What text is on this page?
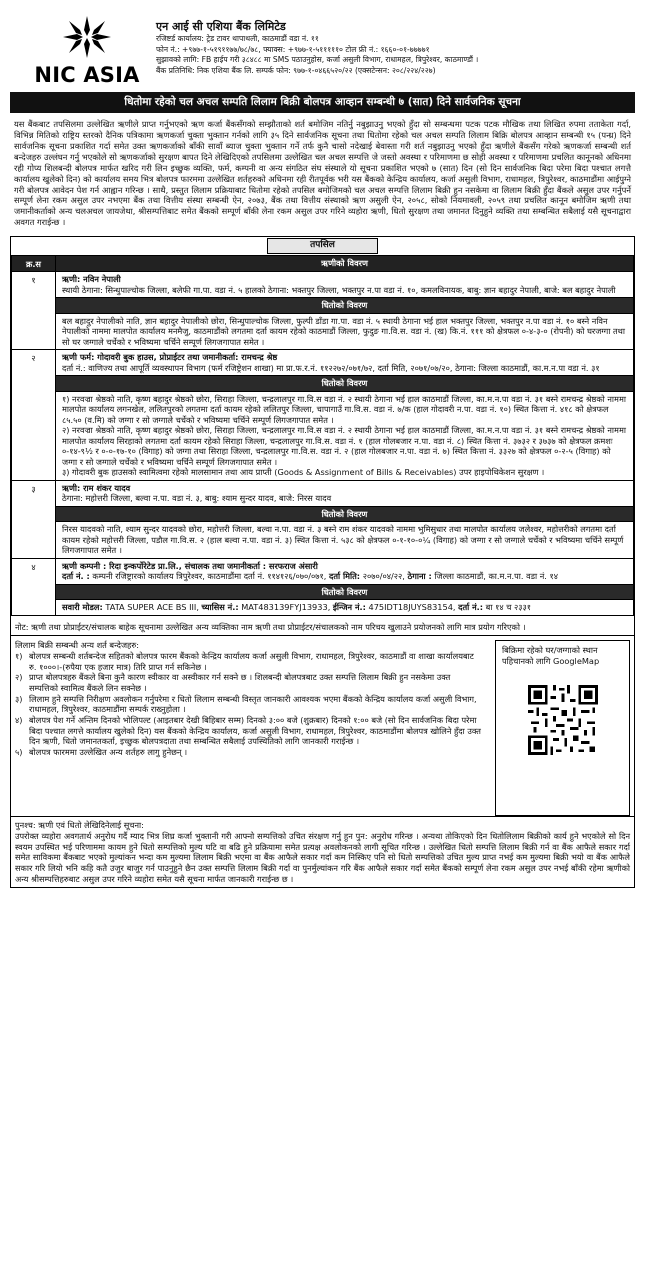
NIC ASIA
एन आई सी एशिया बैंक लिमिटेड
रजिष्टर्ड कार्यालय: ट्रेड टावर थापाथली, काठमाडौं वडा नं. ११
फोन नं.: +९७७-१-५१९११७७/७८/७८, फ्याक्स: +९७७-१-५१११११० टोल फ्री नं.: १६६०-०१-७७७७१
सुझावको लागि: FB हाईप गरी ३८४८८ मा SMS पठाउनुहोस, कर्जा असुली विभाग, राधामहल, त्रिपुरेश्वर, काठमाण्डौं ।
बैंक प्रतिनिधि: निक एशिया बैंक लि. सम्पर्क फोन: ९७७-१-०४६६५२०/२२ (एक्सटेन्सन: २०८/२२४/२२७)
धितोमा रहेको चल अचल सम्पति लिलाम बिक्री बोलपत्र आव्हान सम्बन्धी ७ (सात) दिने सार्वजनिक सूचना
यस बैंकबाट तपसिलमा उल्लेखित ऋणीले प्राप्त गर्नुभएको ऋण कर्जा बैंकसँगको सम्झौताको शर्त बमोजिम नतिर्नु नबुझाउनु भएको हुँदा सो सम्बन्धमा पटक पटक मौखिक तथा लिखित रुपमा तताकेता गर्दा, विभिन्न मितिको राष्ट्रिय स्तरको दैनिक पत्रिकामा ऋणकर्जा चुक्ता भुक्तान गर्नको लागि ३५ दिने सार्वजनिक सूचना तथा धितोमा रहेको चल अचल सम्पति लिलाम बिक्रि बोलपत्र आव्हान सम्बन्धी १५ (पन्ध्र) दिने सार्वजनिक सूचना प्रकाशित गर्दा समेत उक्त ऋणकर्जाको बाँकी सावाँ ब्याज चुक्ता भुक्तान गर्ने तर्फ कुनै चासो नदेखाई बेवास्ता गरी शर्त नबुझाउनु भएको हुँदा ऋणीले बैंकसँग गरेको ऋणकर्जा सम्बन्धी शर्त बन्देजहरु उल्लंघन गर्नु भएकोले सो ऋणकर्जाको सुरक्षण बापत दिने लेखिदिएको तपसिलमा उल्लेखित चल अचल सम्पत्ति जे जस्तो अवस्था र परिमाणमा छ सोही अवस्था र परिमाणमा प्रचलित कानूनको अधिनमा रही गोप्य शिलबन्दी बोलपत्र मार्फत खरिद गरी लिन इच्छुक व्यक्ति, फर्म, कम्पनी वा अन्य संगठित संघ संस्थाले यो सूचना प्रकाशित भएको ७ (सात) दिन (सो दिन सार्वजनिक बिदा परेमा बिदा पश्चात लगत्तै कार्यालय खुलेको दिन) को कार्यालय समय भित्र बोलपत्र फारममा उल्लेखित शर्तहरुको अधिनमा रही रीतपूर्वक भरी यस बैंकको केन्द्रिय कार्यालय, कर्जा असुली विभाग, राधामहल, त्रिपुरेश्वर, काठमाडौंमा आईपुग्ने गरी बोलपत्र आवेदन पेश गर्न आह्वान गरिन्छ । साथै, प्रस्तुत लिलाम प्रक्रियाबाट धितोमा रहेको तपसिल बमोजिमको चल अचल सम्पत्ति लिलाम बिक्री हुन नसकेमा वा लिलाम बिक्री हुँदा बैंकले असुल उपर गर्नुपर्ने सम्पूर्ण लेना रकम असुल उपर नभएमा बैंक तथा वित्तीय संस्था सम्बन्धी ऐन, २०७३, बैंक तथा वित्तीय संस्थाको ऋण असुली ऐन, २०५८, सोको नियमावली, २०५९ तथा प्रचलित कानून बमोजिम ऋणी तथा जमानीकर्ताको अन्य चलअचल जायजेथा, श्रीसम्पत्तिबाट समेत बैंकको सम्पूर्ण बाँकी लेना रकम असुल उपर गरिने व्यहोरा ऋणी, धितो सुरक्षण तथा जमानत दिनुहुने व्यक्ति तथा सम्बन्धित सबैलाई यसै सूचनाद्वारा अवगत गराईन्छ ।
तपसिल
क्र.स	ऋणीको विवरण
१	ऋणी: नविन नेपाली
स्थायी ठेगाना: सिन्धुपाल्चोक जिल्ला, बलेफी गा.पा. वडा नं. ५ हालको ठेगाना: भक्तपुर जिल्ला, भक्तपुर न.पा वडा नं. १०, कमलविनायक, बाबु: ज्ञान बहादुर नेपाली, बाजे: बल बहादुर नेपाली

	धितोको विवरण
	बल बहादुर नेपालीको नाति, ज्ञान बहादुर नेपालीको छोरा, सिन्धुपाल्चोक जिल्ला, फुल्पी डाँडा गा.पा. वडा नं. ५ स्थायी ठेगाना भई हाल भक्तपुर जिल्ला, भक्तपुर न.पा वडा नं. १० बस्ने नविन नेपालीको नाममा मालपोत कार्यालय मनमैजु, काठमाडौंको लगतमा दर्ता कायम रहेको काठमाडौं जिल्ला, फुदुङ गा.वि.स. वडा नं. (ख) कि.नं. १११ को क्षेत्रफल ०-४-३-० (रोपनी) को घरजग्गा तथा सो घर जग्गाले चर्चेको र भविष्यमा चर्चिने सम्पूर्ण लिगजगापात समेत ।
२	ऋणी फर्म: गोदावरी बुक हाउस, प्रोप्राईटर तथा जमानीकर्ता: रामचन्द्र श्रेष्ठ
दर्ता नं.: वाणिज्य तथा आपूर्ति व्यवस्थापन विभाग (फर्म रजिष्ट्रेशन शाखा) मा प्रा.फ.र.नं. ११२२७२/०७१/७२, दर्ता मिति, २०७१/०७/२०, ठेगाना: जिल्ला काठमाडौं, का.म.न.पा वडा नं. ३१

	धितोको विवरण

	१) नरवज्रा श्रेष्ठको नाति, कृष्ण बहादुर श्रेष्ठको छोरा, सिराहा जिल्ला, चन्द्रलालपुर गा.वि.स वडा नं. २ स्थायी ठेगाना भई हाल काठमाडौं जिल्ला, का.म.न.पा वडा नं. ३१ बस्ने रामचन्द्र श्रेष्ठको नाममा मालपोत कार्यालय लगनखेल, ललितपुरको लगतमा दर्ता कायम रहेको ललितपुर जिल्ला, चापागाउँ गा.वि.स. वडा नं. ७/क (हाल गोदावरी न.पा. वडा नं. १०) स्थित कित्ता नं. ४१८ को क्षेत्रफल ८५.५० (व.मि) को जग्गा र सो जग्गाले चर्चेको र भविष्यमा चर्चिने सम्पूर्ण लिगजगापात समेत ।
२) नरवज्रा श्रेष्ठको नाति, कृष्ण बहादुर श्रेष्ठको छोरा, सिराहा जिल्ला, चन्द्रलालपुर गा.वि.स वडा नं. २ स्थायी ठेगाना भई हाल काठमाडौं जिल्ला, का.म.न.पा वडा नं. ३१ बस्ने रामचन्द्र श्रेष्ठको नाममा मालपोत कार्यालय सिरहाको लगतमा दर्ता कायम रहेको सिराहा जिल्ला, चन्द्रलालपुर गा.वि.स. वडा नं. १ (हाल गोलबजार न.पा. वडा नं. ८) स्थित कित्ता नं. ३७३२ र ३७३७ को क्षेत्रफल क्रमशः ०-१४-९½ र ०-०-१७-१० (विगाह) को जग्गा तथा सिराहा जिल्ला, चन्द्रलालपुर गा.वि.स. वडा नं. २ (हाल गोलबजार न.पा. वडा नं. ७) स्थित कित्ता नं. ३३२७ को क्षेत्रफल ०-२-५ (विगाह) को जग्गा र सो जग्गाले चर्चेको र भविष्यमा चर्चिने सम्पूर्ण लिगजगापात समेत ।
३) गोदावरी बुक हाउसको स्वामित्वमा रहेको मालसामान तथा आय प्राप्ती (Goods & Assignment of Bills & Receivables) उपर हाइपोथिकेशन सुरक्षण ।

३	ऋणी: राम शंकर यादव
ठेगाना: महोत्तरी जिल्ला, बल्वा न.पा. वडा नं. ३, बाबु: श्याम सुन्दर यादव, बाजे: निरस यादव

	धितोको विवरण
	निरस यादवको नाति, श्याम सुन्दर यादवको छोरा, महोत्तरी जिल्ला, बल्वा न.पा. वडा नं. ३ बस्ने राम शंकर यादवको नाममा भुमिसुधार तथा मालपोत कार्यालय जलेश्वर, महोत्तरीको लगतमा दर्ता कायम रहेको महोत्तरी जिल्ला, पडौल गा.वि.स. २ (हाल बल्वा न.पा. वडा नं. ३) स्थित कित्ता नं. ५३८ को क्षेत्रफल ०-१-१०-०¼ (विगाह) को जग्गा र सो जग्गाले चर्चेको र भविष्यमा चर्चिने सम्पूर्ण लिगजगापात समेत ।
४	ऋणी कम्पनी : रिदा इन्कर्पोरेटेड प्रा.लि., संचालक तथा जमानीकर्ता : सरफराज अंसारी
दर्ता नं. : कम्पनी रजिष्ट्रारको कार्यालय त्रिपुरेश्वर, काठमाडौंमा दर्ता नं. ११४१२६/०७०/०७१, दर्ता मिति: २०७०/०४/२२, ठेगाना : जिल्ला काठमाडौं, का.म.न.पा. वडा नं. १४

	धितोको विवरण
	सवारी मोडल: TATA SUPER ACE BS III, च्यासिस नं.: MAT483139FYJ13933, ईन्जिन नं.: 475IDT18JUYS83154, दर्ता नं.: बा १४ च २३३१
नोट: ऋणी तथा प्रोप्राईटर/संचालक बाहेक सूचनामा उल्लेखित अन्य व्यक्तिका नाम ऋणी तथा प्रोप्राईटर/संचालकको नाम परिचय खुलाउने प्रयोजनको लागि मात्र प्रयोग गरिएको ।
लिलाम बिक्री सम्बन्धी अन्य शर्त बन्देजहरु:
१) बोलपत्र सम्बन्धी शर्तबन्देज सहितको बोलपत्र फारम बैंकको केन्द्रिय कार्यालय कर्जा असुली विभाग, राधामहल, त्रिपुरेश्वर, काठमाडौं वा शाखा कार्यालयबाट रु. १०००।-(रुपैया एक हजार मात्र) तिरि प्राप्त गर्न सकिनेछ ।
२) प्राप्त बोलपत्रहरु बैंकले बिना कुनै कारण स्वीकार वा अस्वीकार गर्न सक्ने छ । शिलबन्दी बोलपत्रबाट उक्त सम्पत्ति लिलाम बिक्री हुन नसकेमा उक्त सम्पत्तिको स्वामित्व बैंकले लिन सक्नेछ ।
३) लिलाम हुने सम्पत्ति निरीक्षण अवलोकन गर्नुपरेमा र धितो लिलाम सम्बन्धी विस्तृत जानकारी आवश्यक भएमा बैंकको केन्द्रिय कार्यालय कर्जा असुली विभाग, राधामहल, त्रिपुरेश्वर, काठमाडौंमा सम्पर्क राख्नुहोला ।
४) बोलपत्र पेश गर्ने अन्तिम दिनको भोलिपल्ट (आइतबार देखी बिहिबार सम्म) दिनको ३:०० बजे (शुक्रबार) दिनको १:०० बजे (सो दिन सार्वजनिक बिदा परेमा बिदा पश्चात लगत्ते कार्यालय खुलेको दिन) यस बैंकको केन्द्रिय कार्यालय, कर्जा असुली विभाग, राधामहल, त्रिपुरेश्वर, काठमाडौंमा बोलपत्र खोलिने हुँदा उक्त दिन ऋणी, धितो जमानतकर्ता, इच्छुक बोलपत्रदाता तथा सम्बन्धित सबैलाई उपस्थितिको लागि जानकारी गराईन्छ ।
५) बोलपत्र फारममा उल्लेखित अन्य शर्तहरु लागु हुनेछन् ।
बिक्रिमा रहेको घर/जग्गाको स्थान पहिचानको लागि GoogleMap
पुनश्च: ऋणी एवं धितो लेखिदिनेलाई सूचना:
उपरोक्त व्यहोरा अवगतार्थ अनुरोध गर्दै म्याद भित्र शिघ्र कर्जा भुक्तानी गरी आफ्नो सम्पत्तिको उचित संरक्षण गर्नु हुन पुन: अनुरोध गरिन्छ । अन्यथा तोकिएको दिन धितोलिलाम बिक्रीको कार्य हुने भएकोले सो दिन स्वयम उपस्थित भई परिणाममा कायम हुने धितो सम्पत्तिको मुल्य घटि वा बढि हुने प्रक्रियामा समेत प्रत्यक्ष अवलोकनको लागी सूचित गरिन्छ । उल्लेखित धितो सम्पत्ति लिलाम बिक्री गर्न वा बैंक आफैले सकार गर्दा समेत साविकमा बैंकबाट भएको मुल्यांकन भन्दा कम मुल्यमा लिलाम बिक्री भएमा वा बैंक आफैले सकार गर्दा कम निस्किए पनि सो धितो सम्पत्तिको उचित मुल्य प्राप्त नभई कम मुल्यमा बिक्री भयो वा बैंक आफैले सकार गरि लियो भनि कहि कतै उजुर बाजुर गर्न पाउनुहुने छैन उक्त सम्पत्ति लिलाम बिक्री गर्दा वा पुनर्मुल्यांकन गरि बैंक आफैले सकार गर्दा समेत बैंकको सम्पूर्ण लेना रकम असुल उपर नभई बाँकी रहेमा ऋणीको अन्य श्रीसम्पत्तिहरुबाट असुल उपर गरिने व्यहोरा समेत यसै सूचना मार्फत जानकारी गराईन्छ छ ।
